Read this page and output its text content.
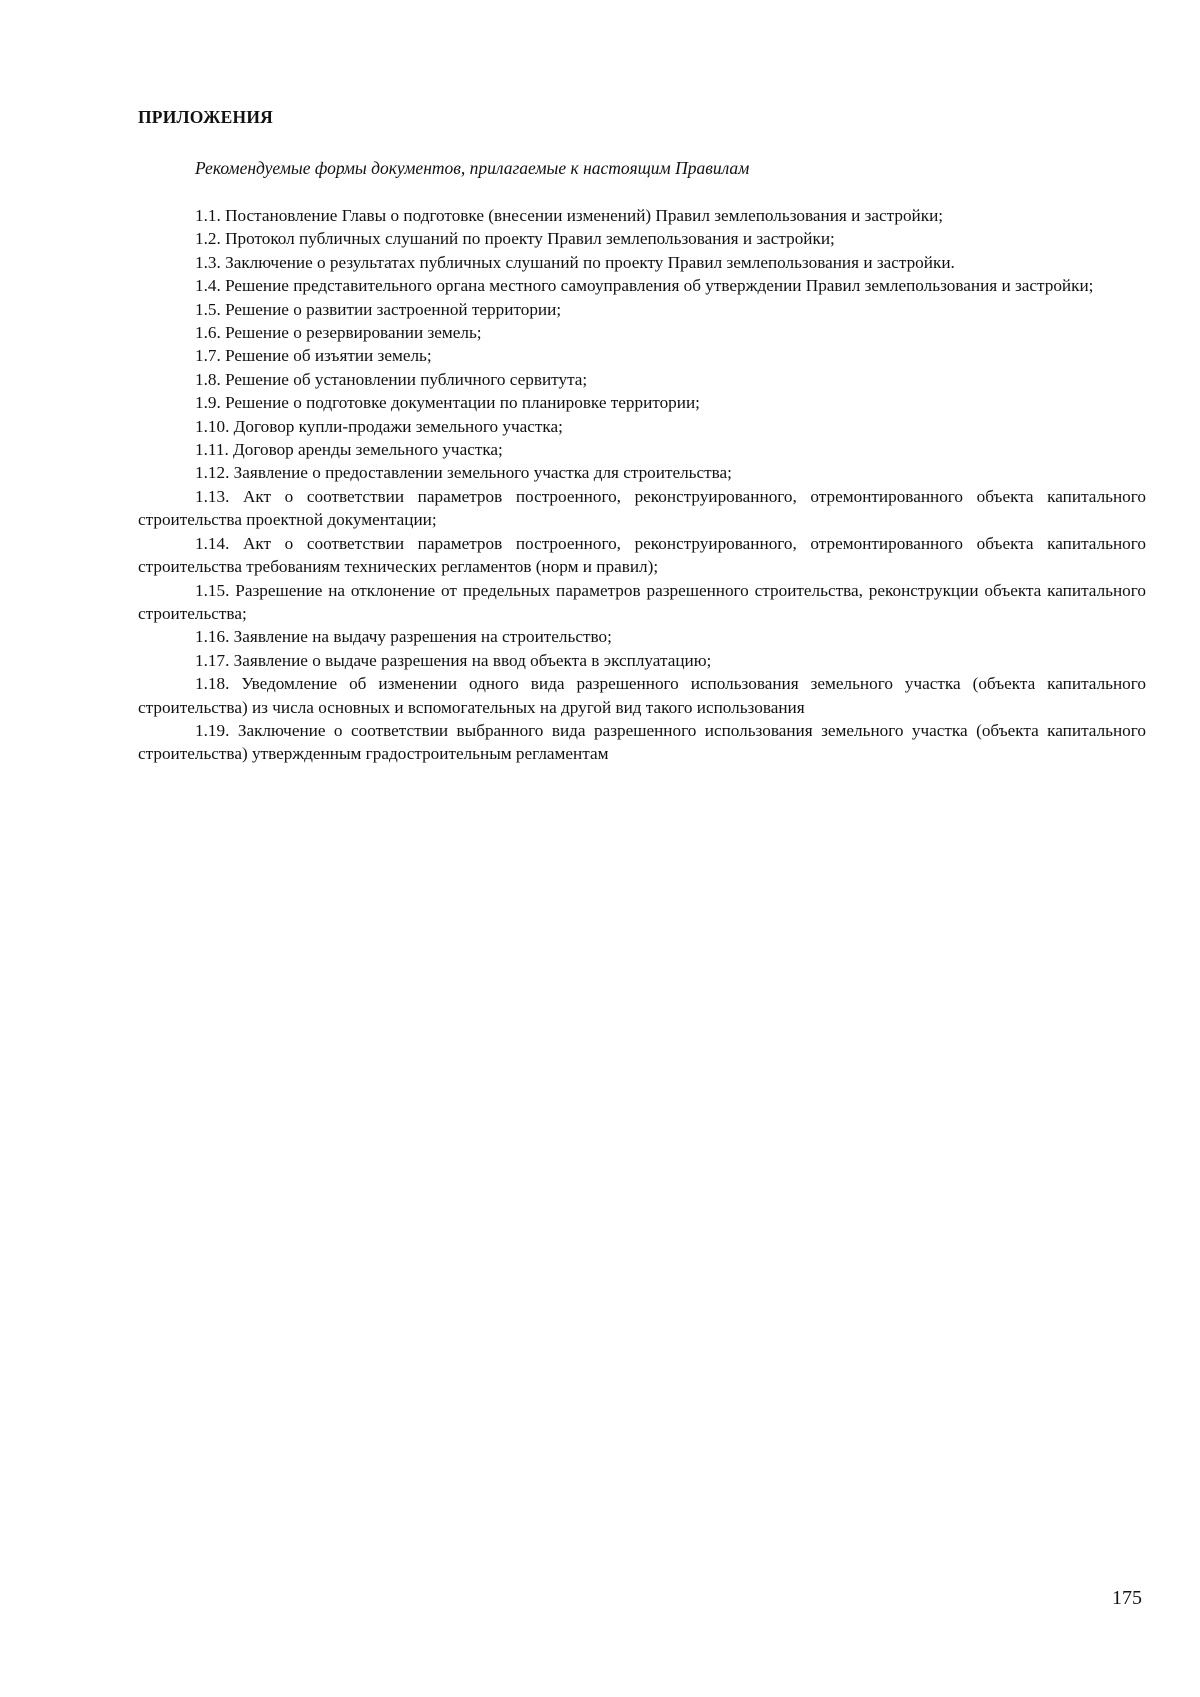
ПРИЛОЖЕНИЯ
Рекомендуемые формы документов, прилагаемые к настоящим Правилам

1.1. Постановление Главы о подготовке (внесении изменений) Правил землепользования и застройки;

1.2. Протокол публичных слушаний по проекту Правил землепользования и застройки;

1.3. Заключение о результатах публичных слушаний по проекту Правил землепользования и застройки.

1.4. Решение представительного органа местного самоуправления об утверждении Правил землепользования и застройки;

1.5. Решение о развитии застроенной территории;

1.6. Решение о резервировании земель;

1.7. Решение об изъятии земель;

1.8. Решение об установлении публичного сервитута;

1.9. Решение о подготовке документации по планировке территории;

1.10. Договор купли-продажи земельного участка;

1.11. Договор аренды земельного участка;

1.12. Заявление о предоставлении земельного участка для строительства;

1.13. Акт о соответствии параметров построенного, реконструированного, отремонтированного объекта капитального строительства проектной документации;

1.14. Акт о соответствии параметров построенного, реконструированного, отремонтированного объекта капитального строительства требованиям технических регламентов (норм и правил);

1.15. Разрешение на отклонение от предельных параметров разрешенного строительства, реконструкции объекта капитального строительства;

1.16. Заявление на выдачу разрешения на строительство;

1.17. Заявление о выдаче разрешения на ввод объекта в эксплуатацию;

1.18. Уведомление об изменении одного вида разрешенного использования земельного участка (объекта капитального строительства) из числа основных и вспомогательных на другой вид такого использования

1.19. Заключение о соответствии выбранного вида разрешенного использования земельного участка (объекта капитального строительства) утвержденным градостроительным регламентам

175
